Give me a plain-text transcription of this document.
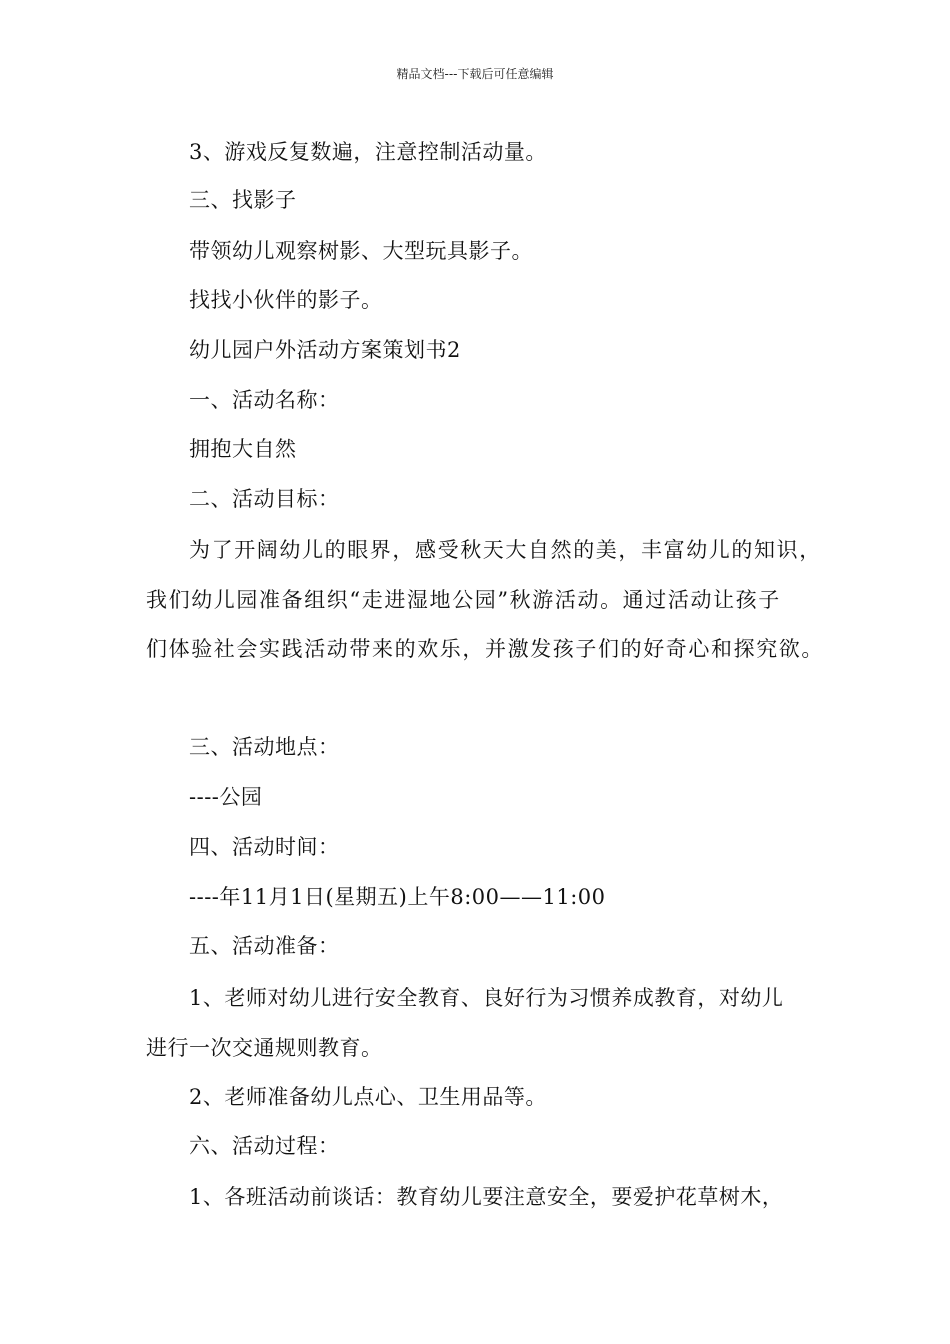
精品文档---下载后可任意编辑
3、游戏反复数遍，注意控制活动量。
三、找影子
带领幼儿观察树影、大型玩具影子。
找找小伙伴的影子。
幼儿园户外活动方案策划书2
一、活动名称：
拥抱大自然
二、活动目标：
为了开阔幼儿的眼界，感受秋天大自然的美，丰富幼儿的知识，
我们幼儿园准备组织“走进湿地公园”秋游活动。通过活动让孩子
们体验社会实践活动带来的欢乐，并激发孩子们的好奇心和探究欲。
三、活动地点：
----公园
四、活动时间：
----年11月1日(星期五)上午8:00——11:00
五、活动准备：
1、老师对幼儿进行安全教育、良好行为习惯养成教育，对幼儿
进行一次交通规则教育。
2、老师准备幼儿点心、卫生用品等。
六、活动过程：
1、各班活动前谈话：教育幼儿要注意安全，要爱护花草树木，
